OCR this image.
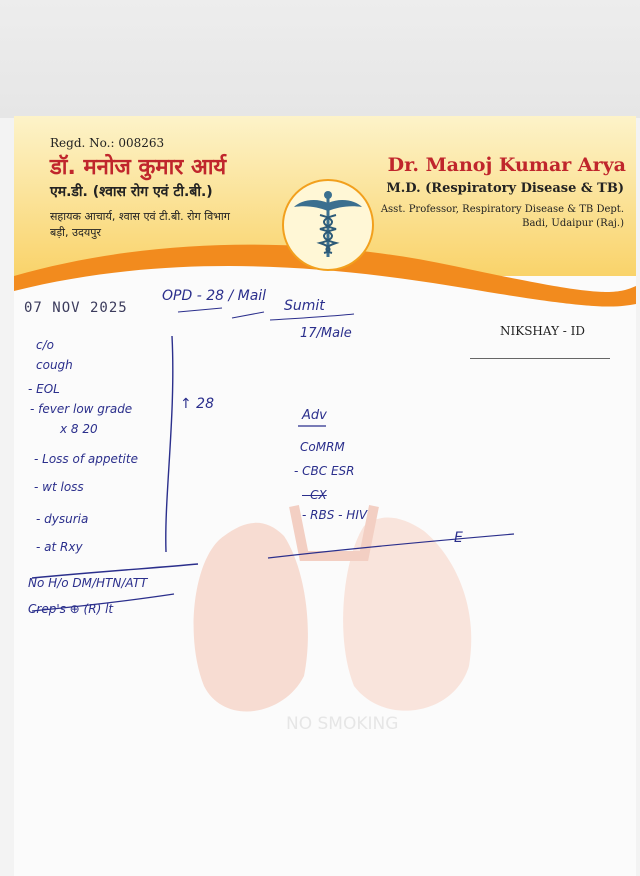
Regd. No.: 008263
डॉ. मनोज कुमार आर्य
एम.डी. (श्वास रोग एवं टी.बी.)
सहायक आचार्य, श्वास एवं टी.बी. रोग विभाग
बड़ी, उदयपुर
Dr. Manoj Kumar Arya
M.D. (Respiratory Disease & TB)
Asst. Professor, Respiratory Disease & TB Dept.
Badi, Udaipur (Raj.)
NIKSHAY - ID
07 NOV 2025
NO SMOKING
OPD - 28 / Mail
Sumit
17/Male
c/o
cough
- EOL
- fever low grade
x 8 20
- Loss of appetite
- wt loss
- dysuria
- at Rxy
↑ 28
Adv
CoMRM
- CBC ESR
- CX
- RBS - HIV
E
No H/o DM/HTN/ATT
Crep's ⊕ (R) lt
